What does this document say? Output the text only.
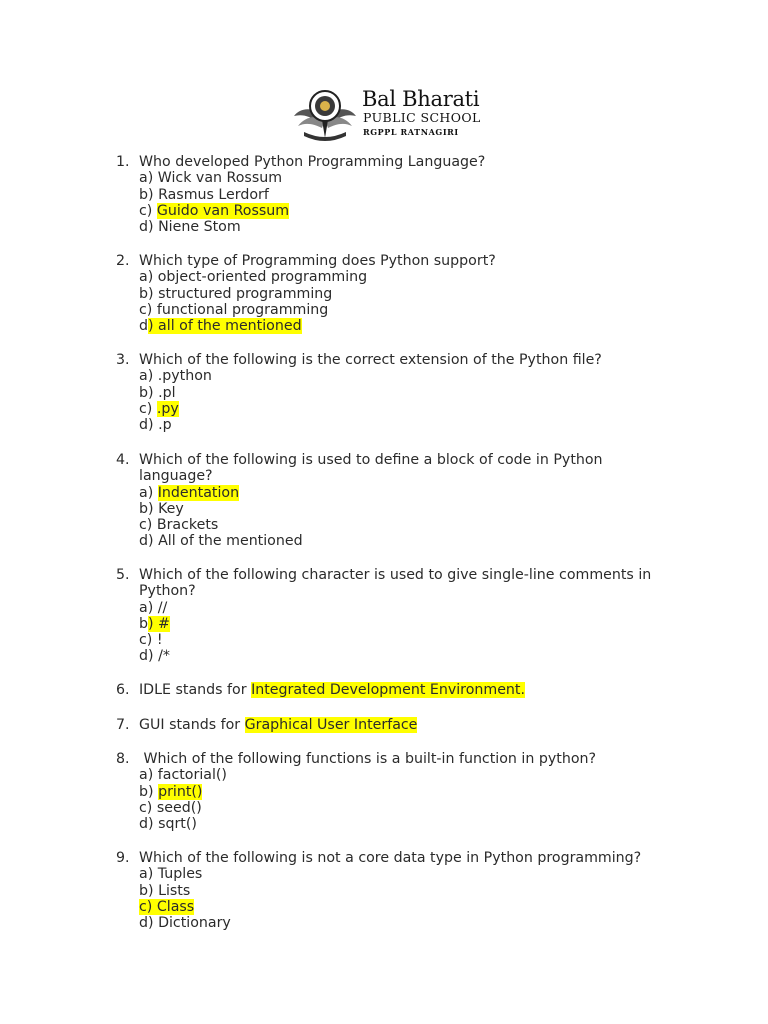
Bal Bharati
PUBLIC SCHOOL
RGPPL RATNAGIRI
1. Who developed Python Programming Language?
a) Wick van Rossum
b) Rasmus Lerdorf
c) Guido van Rossum
d) Niene Stom
2. Which type of Programming does Python support?
a) object-oriented programming
b) structured programming
c) functional programming
d) all of the mentioned
3. Which of the following is the correct extension of the Python file?
a) .python
b) .pl
c) .py
d) .p
4. Which of the following is used to define a block of code in Python
language?
a) Indentation
b) Key
c) Brackets
d) All of the mentioned
5. Which of the following character is used to give single-line comments in
Python?
a) //
b) #
c) !
d) /*
6. IDLE stands for Integrated Development Environment.
7. GUI stands for Graphical User Interface
8. Which of the following functions is a built-in function in python?
a) factorial()
b) print()
c) seed()
d) sqrt()
9. Which of the following is not a core data type in Python programming?
a) Tuples
b) Lists
c) Class
d) Dictionary
